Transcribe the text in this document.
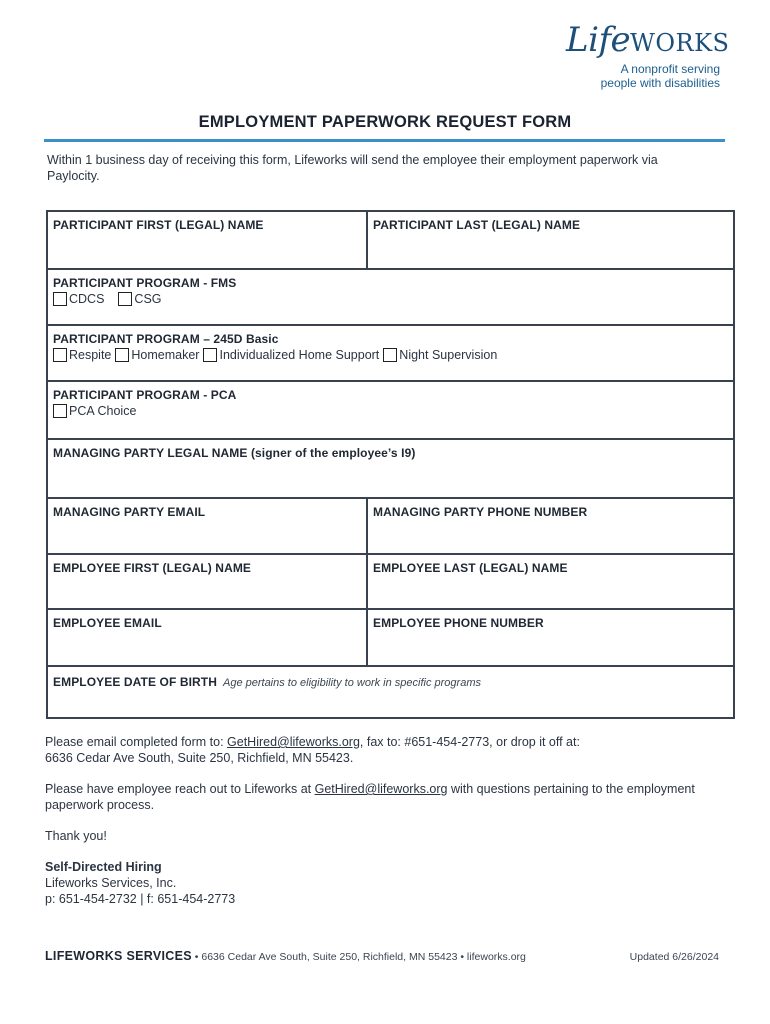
LifeWORKS
A nonprofit serving
people with disabilities
EMPLOYMENT PAPERWORK REQUEST FORM
Within 1 business day of receiving this form, Lifeworks will send the employee their employment paperwork via Paylocity.
PARTICIPANT FIRST (LEGAL) NAME	PARTICIPANT LAST (LEGAL) NAME

PARTICIPANT PROGRAM - FMS
CDCS CSG	

PARTICIPANT PROGRAM – 245D Basic
Respite Homemaker Individualized Home Support Night Supervision	

PARTICIPANT PROGRAM - PCA
PCA Choice	

MANAGING PARTY LEGAL NAME (signer of the employee’s I9)	

MANAGING PARTY EMAIL	MANAGING PARTY PHONE NUMBER

EMPLOYEE FIRST (LEGAL) NAME	EMPLOYEE LAST (LEGAL) NAME

EMPLOYEE EMAIL	EMPLOYEE PHONE NUMBER

EMPLOYEE DATE OF BIRTH Age pertains to eligibility to work in specific programs	

Please email completed form to: GetHired@lifeworks.org, fax to: #651-454-2773, or drop it off at:
6636 Cedar Ave South, Suite 250, Richfield, MN 55423.

Please have employee reach out to Lifeworks at GetHired@lifeworks.org with questions pertaining to the employment paperwork process.

Thank you!

Self-Directed Hiring
Lifeworks Services, Inc.
p: 651-454-2732 | f: 651-454-2773
LIFEWORKS SERVICES • 6636 Cedar Ave South, Suite 250, Richfield, MN 55423 • lifeworks.org	Updated 6/26/2024
